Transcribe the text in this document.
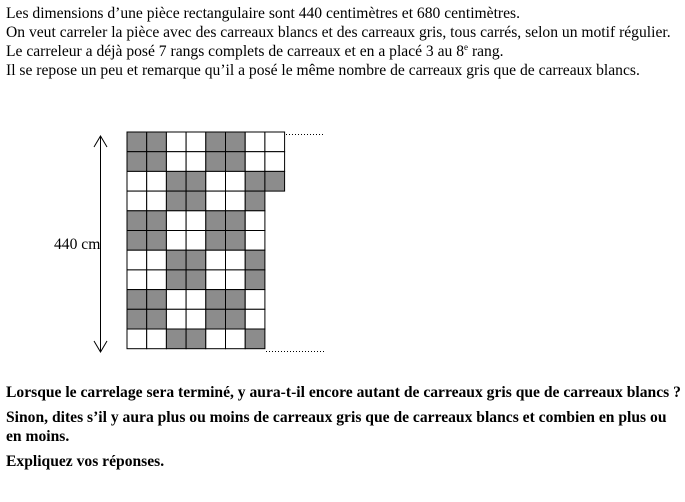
Les dimensions d’une pièce rectangulaire sont 440 centimètres et 680 centimètres.

On veut carreler la pièce avec des carreaux blancs et des carreaux gris, tous carrés, selon un motif régulier.

Le carreleur a déjà posé 7 rangs complets de carreaux et en a placé 3 au 8e rang.

Il se repose un peu et remarque qu’il a posé le même nombre de carreaux gris que de carreaux blancs.

440 cm

Lorsque le carrelage sera terminé, y aura-t-il encore autant de carreaux gris que de carreaux blancs ?

Sinon, dites s’il y aura plus ou moins de carreaux gris que de carreaux blancs et combien en plus ou en moins.

Expliquez vos réponses.
